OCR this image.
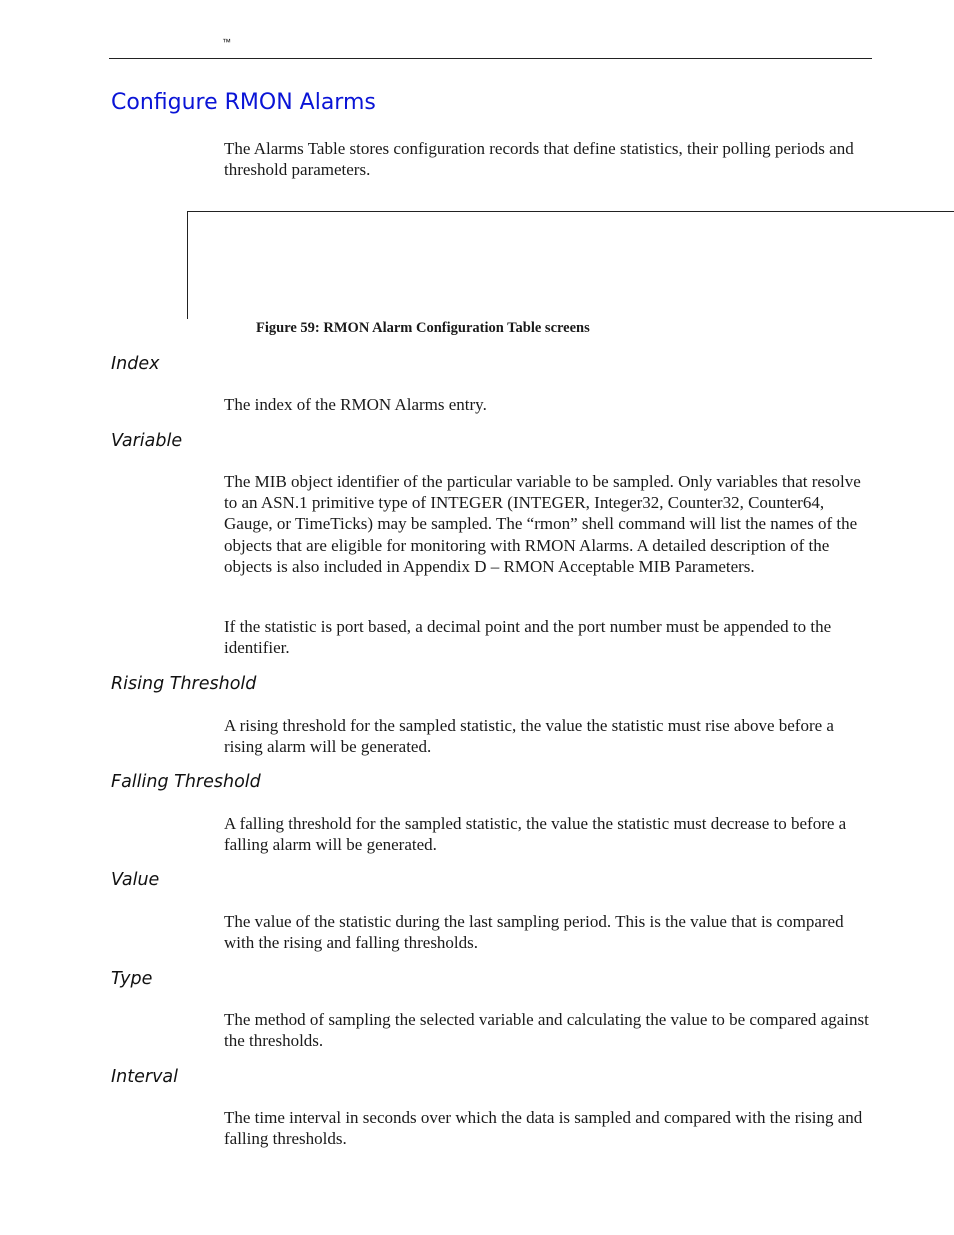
™
Configure RMON Alarms

The Alarms Table stores configuration records that define statistics, their polling periods and threshold parameters.

Figure 59: RMON Alarm Configuration Table screens

Index

The index of the RMON Alarms entry.

Variable

The MIB object identifier of the particular variable to be sampled. Only variables that resolve to an ASN.1 primitive type of INTEGER (INTEGER, Integer32, Counter32, Counter64, Gauge, or TimeTicks) may be sampled. The “rmon” shell command will list the names of the objects that are eligible for monitoring with RMON Alarms. A detailed description of the objects is also included in Appendix D – RMON Acceptable MIB Parameters.

If the statistic is port based, a decimal point and the port number must be appended to the identifier.

Rising Threshold

A rising threshold for the sampled statistic, the value the statistic must rise above before a rising alarm will be generated.

Falling Threshold

A falling threshold for the sampled statistic, the value the statistic must decrease to before a falling alarm will be generated.

Value

The value of the statistic during the last sampling period. This is the value that is compared with the rising and falling thresholds.

Type

The method of sampling the selected variable and calculating the value to be compared against the thresholds.

Interval

The time interval in seconds over which the data is sampled and compared with the rising and falling thresholds.
